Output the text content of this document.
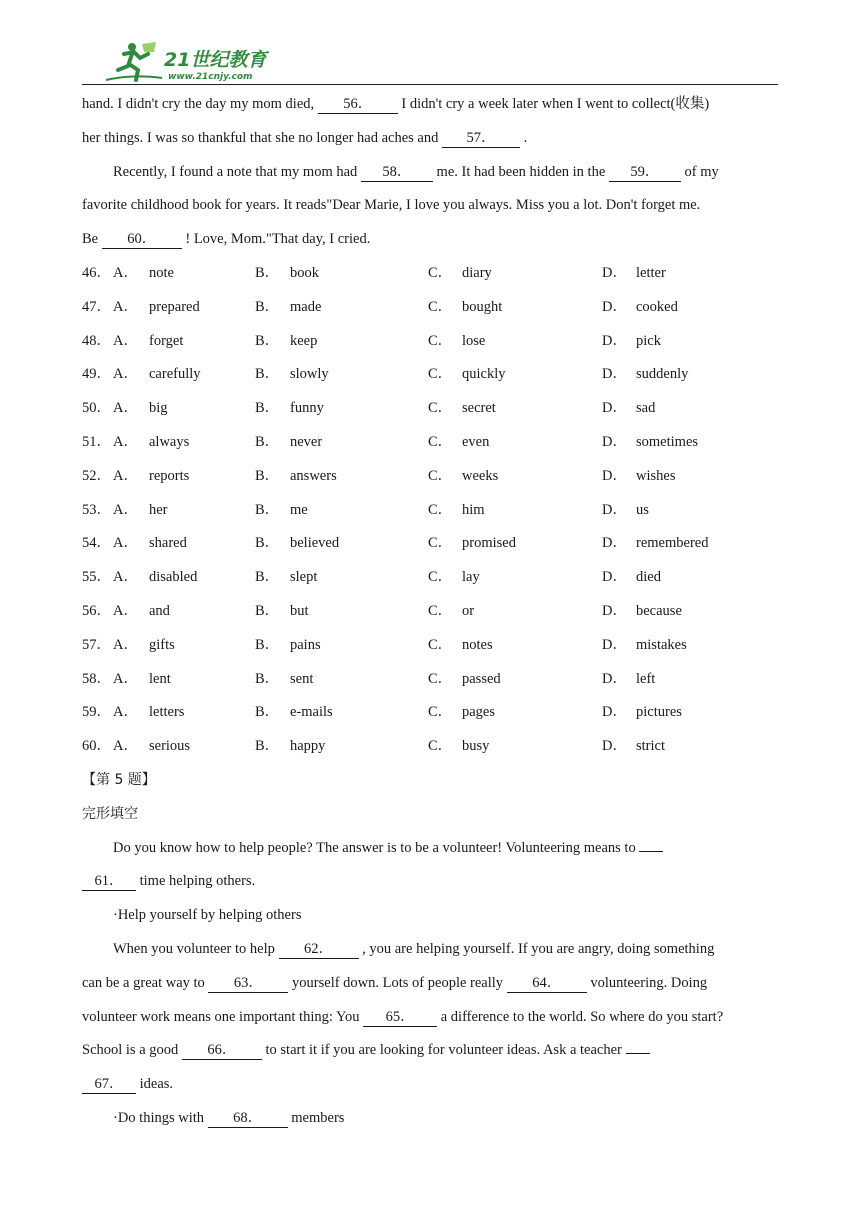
21世纪教育
www.21cnjy.com
hand. I didn't cry the day my mom died, 56． I didn't cry a week later when I went to collect(收集)
her things. I was so thankful that she no longer had aches and 57． .
Recently, I found a note that my mom had 58． me. It had been hidden in the 59． of my
favorite childhood book for years. It reads"Dear Marie, I love you always. Miss you a lot. Don't forget me.
Be 60． ! Love, Mom."That day, I cried.
46． A． note	B． book	C． diary	D． letter
47． A． prepared	B． made	C． bought	D． cooked
48． A． forget	B． keep	C． lose	D． pick
49． A． carefully	B． slowly	C． quickly	D． suddenly
50． A． big	B． funny	C． secret	D． sad
51． A． always	B． never	C． even	D． sometimes
52． A． reports	B． answers	C． weeks	D． wishes
53． A． her	B． me	C． him	D． us
54． A． shared	B． believed	C． promised	D． remembered
55． A． disabled	B． slept	C． lay	D． died
56． A． and	B． but	C． or	D． because
57． A． gifts	B． pains	C． notes	D． mistakes
58． A． lent	B． sent	C． passed	D． left
59． A． letters	B． e-mails	C． pages	D． pictures
60． A． serious	B． happy	C． busy	D． strict
【第 5 题】
完形填空
Do you know how to help people? The answer is to be a volunteer! Volunteering means to
61． time helping others.
·Help yourself by helping others
When you volunteer to help 62． , you are helping yourself. If you are angry, doing something
can be a great way to 63． yourself down. Lots of people really 64． volunteering. Doing
volunteer work means one important thing: You 65． a difference to the world. So where do you start?
School is a good 66． to start it if you are looking for volunteer ideas. Ask a teacher
67． ideas.
·Do things with 68． members
